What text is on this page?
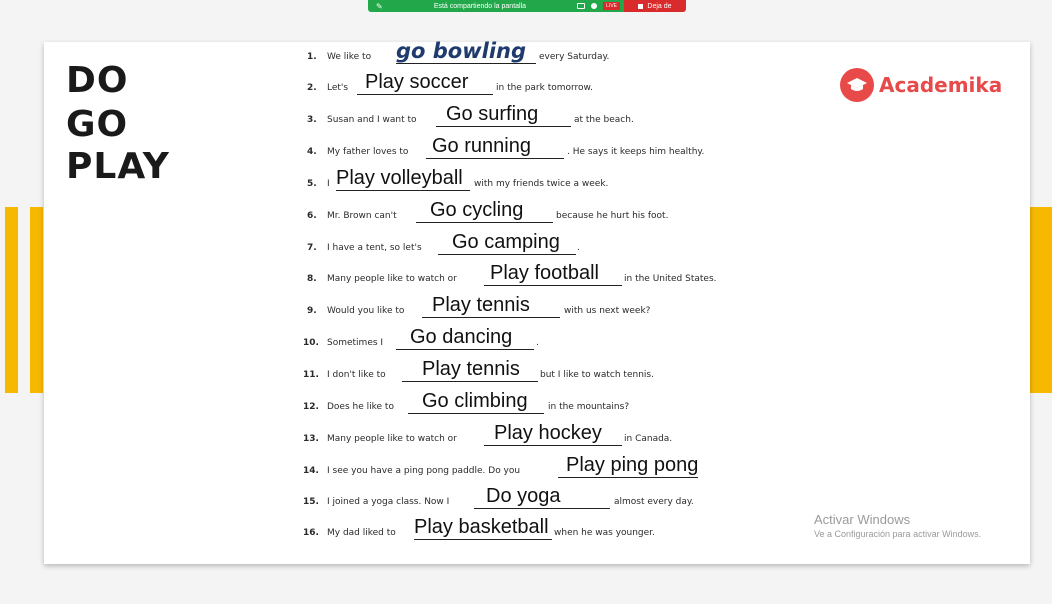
✎	Está compartiendo la pantalla	LIVE	Deja de
DO
GO
PLAY
Academika
1. We like to go bowling every Saturday.
2. Let's Play soccer	in the park tomorrow.
3. Susan and I want to Go surfing	at the beach.
4. My father loves to Go running	. He says it keeps him healthy.
5. I Play volleyball with my friends twice a week.
6. Mr. Brown can't Go cycling	because he hurt his foot.
7. I have a tent, so let's Go camping .
8. Many people like to watch or Play football	in the United States.
9. Would you like to Play tennis	with us next week?
10. Sometimes I Go dancing	.
11. I don't like to Play tennis but I like to watch tennis.
12. Does he like to Go climbing in the mountains?
13. Many people like to watch or Play hockey in Canada.
14. I see you have a ping pong paddle. Do you Play ping pong
15. I joined a yoga class. Now I Do yoga	almost every day.
16. My dad liked to Play basketball when he was younger.
Activar Windows
Ve a Configuración para activar Windows.
